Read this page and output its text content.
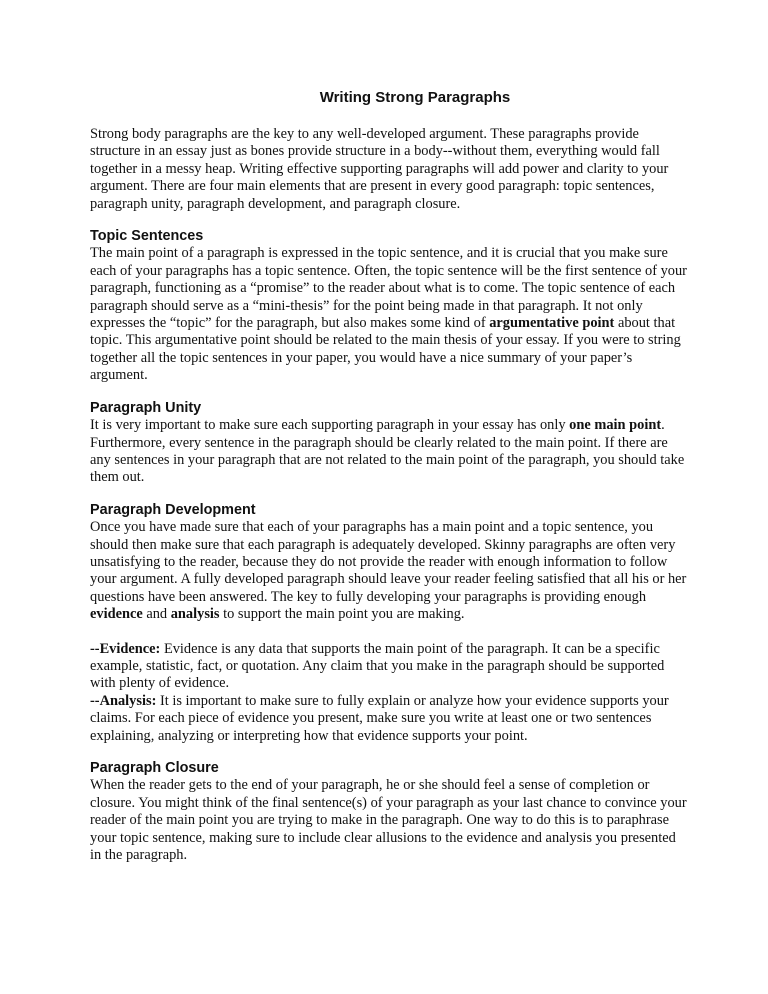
Writing Strong Paragraphs

Strong body paragraphs are the key to any well-developed argument. These paragraphs provide structure in an essay just as bones provide structure in a body--without them, everything would fall together in a messy heap. Writing effective supporting paragraphs will add power and clarity to your argument. There are four main elements that are present in every good paragraph: topic sentences, paragraph unity, paragraph development, and paragraph closure.

Topic Sentences

The main point of a paragraph is expressed in the topic sentence, and it is crucial that you make sure each of your paragraphs has a topic sentence. Often, the topic sentence will be the first sentence of your paragraph, functioning as a “promise” to the reader about what is to come. The topic sentence of each paragraph should serve as a “mini-thesis” for the point being made in that paragraph. It not only expresses the “topic” for the paragraph, but also makes some kind of argumentative point about that topic. This argumentative point should be related to the main thesis of your essay. If you were to string together all the topic sentences in your paper, you would have a nice summary of your paper’s argument.

Paragraph Unity

It is very important to make sure each supporting paragraph in your essay has only one main point. Furthermore, every sentence in the paragraph should be clearly related to the main point. If there are any sentences in your paragraph that are not related to the main point of the paragraph, you should take them out.

Paragraph Development

Once you have made sure that each of your paragraphs has a main point and a topic sentence, you should then make sure that each paragraph is adequately developed. Skinny paragraphs are often very unsatisfying to the reader, because they do not provide the reader with enough information to follow your argument. A fully developed paragraph should leave your reader feeling satisfied that all his or her questions have been answered. The key to fully developing your paragraphs is providing enough evidence and analysis to support the main point you are making.

--Evidence: Evidence is any data that supports the main point of the paragraph. It can be a specific example, statistic, fact, or quotation. Any claim that you make in the paragraph should be supported with plenty of evidence.

--Analysis: It is important to make sure to fully explain or analyze how your evidence supports your claims. For each piece of evidence you present, make sure you write at least one or two sentences explaining, analyzing or interpreting how that evidence supports your point.

Paragraph Closure

When the reader gets to the end of your paragraph, he or she should feel a sense of completion or closure. You might think of the final sentence(s) of your paragraph as your last chance to convince your reader of the main point you are trying to make in the paragraph. One way to do this is to paraphrase your topic sentence, making sure to include clear allusions to the evidence and analysis you presented in the paragraph.
